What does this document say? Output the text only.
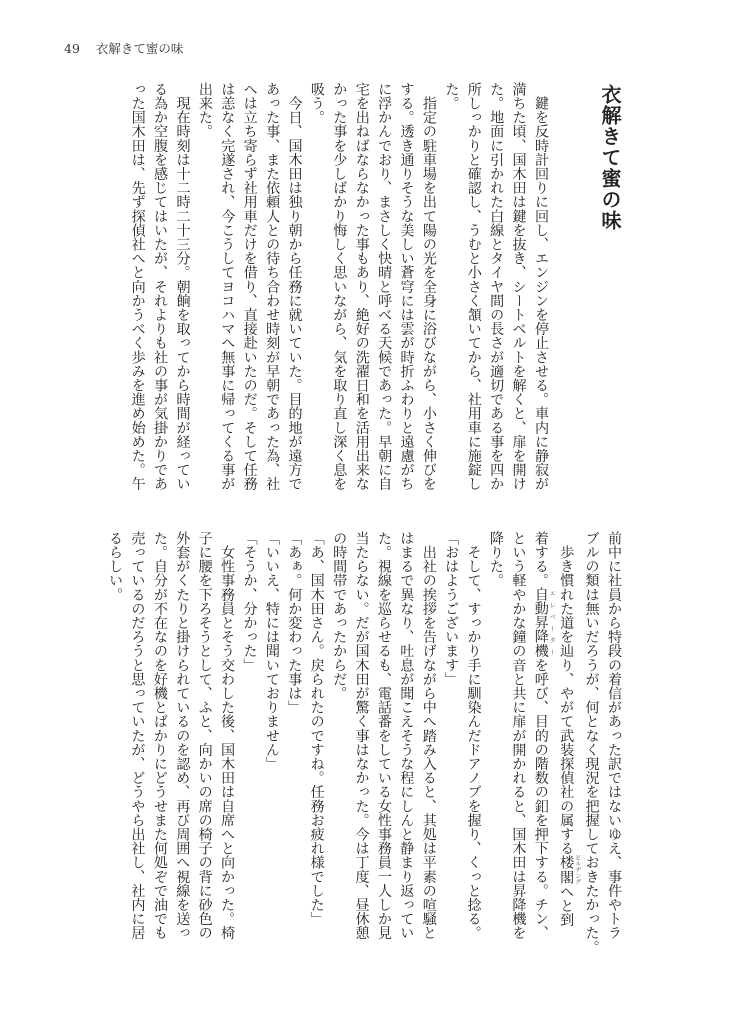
49 衣解きて蜜の味
衣解きて蜜の味
　鍵を反時計回りに回し、エンジンを停止させる。車内に静寂が
満ちた頃、国木田は鍵を抜き、シートベルトを解くと、扉を開け
た。地面に引かれた白線とタイヤ間の長さが適切である事を四か
所しっかりと確認し、うむと小さく頷いてから、社用車に施錠し
た。
　指定の駐車場を出て陽の光を全身に浴びながら、小さく伸びを
する。透き通りそうな美しい蒼穹には雲が時折ふわりと遠慮がち
に浮かんでおり、まさしく快晴と呼べる天候であった。早朝に自
宅を出ねばならなかった事もあり、絶好の洗濯日和を活用出来な
かった事を少しばかり悔しく思いながら、気を取り直し深く息を
吸う。
　今日、国木田は独り朝から任務に就いていた。目的地が遠方で
あった事、また依頼人との待ち合わせ時刻が早朝であった為、社
へは立ち寄らず社用車だけを借り、直接赴いたのだ。そして任務
は恙なく完遂され、今こうしてヨコハマへ無事に帰ってくる事が
出来た。
　現在時刻は十二時二十三分。朝餉を取ってから時間が経ってい
る為か空腹を感じてはいたが、それよりも社の事が気掛かりであ
った国木田は、先ず探偵社へと向かうべく歩みを進め始めた。午
前中に社員から特段の着信があった訳ではないゆえ、事件やトラ
ブルの類は無いだろうが、何となく現況を把握しておきたかった。
　歩き慣れた道を辿り、やがて武装探偵社の属する楼閣 ビルヂングへと到
着する。自動昇降機 エレベーターを呼び、目的の階数の釦を押下する。チン、
という軽やかな鐘の音と共に扉が開かれると、国木田は昇降機を
降りた。
　そして、すっかり手に馴染んだドアノブを握り、くっと捻る。
「おはようございます」
　出社の挨拶を告げながら中へ踏み入ると、其処は平素の喧騒と
はまるで異なり、吐息が聞こえそうな程にしんと静まり返ってい
た。視線を巡らせるも、電話番をしている女性事務員一人しか見
当たらない。だが国木田が驚く事はなかった。今は丁度、昼休憩
の時間帯であったからだ。
「あ、国木田さん。戻られたのですね。任務お疲れ様でした」
「あぁ。何か変わった事は」
「いいえ、特には聞いておりません」
「そうか、分かった」
　女性事務員とそう交わした後、国木田は自席へと向かった。椅
子に腰を下ろそうとして、ふと、向かいの席の椅子の背に砂色の
外套がくたりと掛けられているのを認め、再び周囲へ視線を送っ
た。自分が不在なのを好機とばかりにどうせまた何処ぞで油でも
売っているのだろうと思っていたが、どうやら出社し、社内に居
るらしい。
